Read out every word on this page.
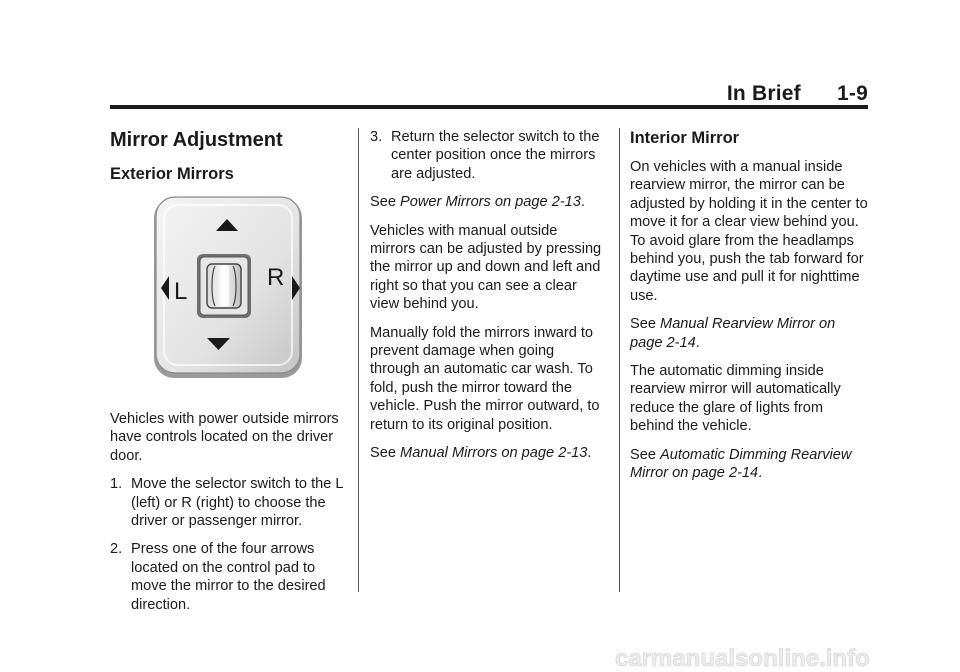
In Brief 1-9
Mirror Adjustment
Exterior Mirrors
L
R

Vehicles with power outside mirrors have controls located on the driver door.

1. Move the selector switch to the L (left) or R (right) to choose the driver or passenger mirror.
2. Press one of the four arrows located on the control pad to move the mirror to the desired direction.
3. Return the selector switch to the center position once the mirrors are adjusted.

See Power Mirrors on page 2-13.

Vehicles with manual outside mirrors can be adjusted by pressing the mirror up and down and left and right so that you can see a clear view behind you.

Manually fold the mirrors inward to prevent damage when going through an automatic car wash. To fold, push the mirror toward the vehicle. Push the mirror outward, to return to its original position.

See Manual Mirrors on page 2-13.

Interior Mirror

On vehicles with a manual inside rearview mirror, the mirror can be adjusted by holding it in the center to move it for a clear view behind you. To avoid glare from the headlamps behind you, push the tab forward for daytime use and pull it for nighttime use.

See Manual Rearview Mirror on page 2-14.

The automatic dimming inside rearview mirror will automatically reduce the glare of lights from behind the vehicle.

See Automatic Dimming Rearview Mirror on page 2-14.

carmanualsonline.info
